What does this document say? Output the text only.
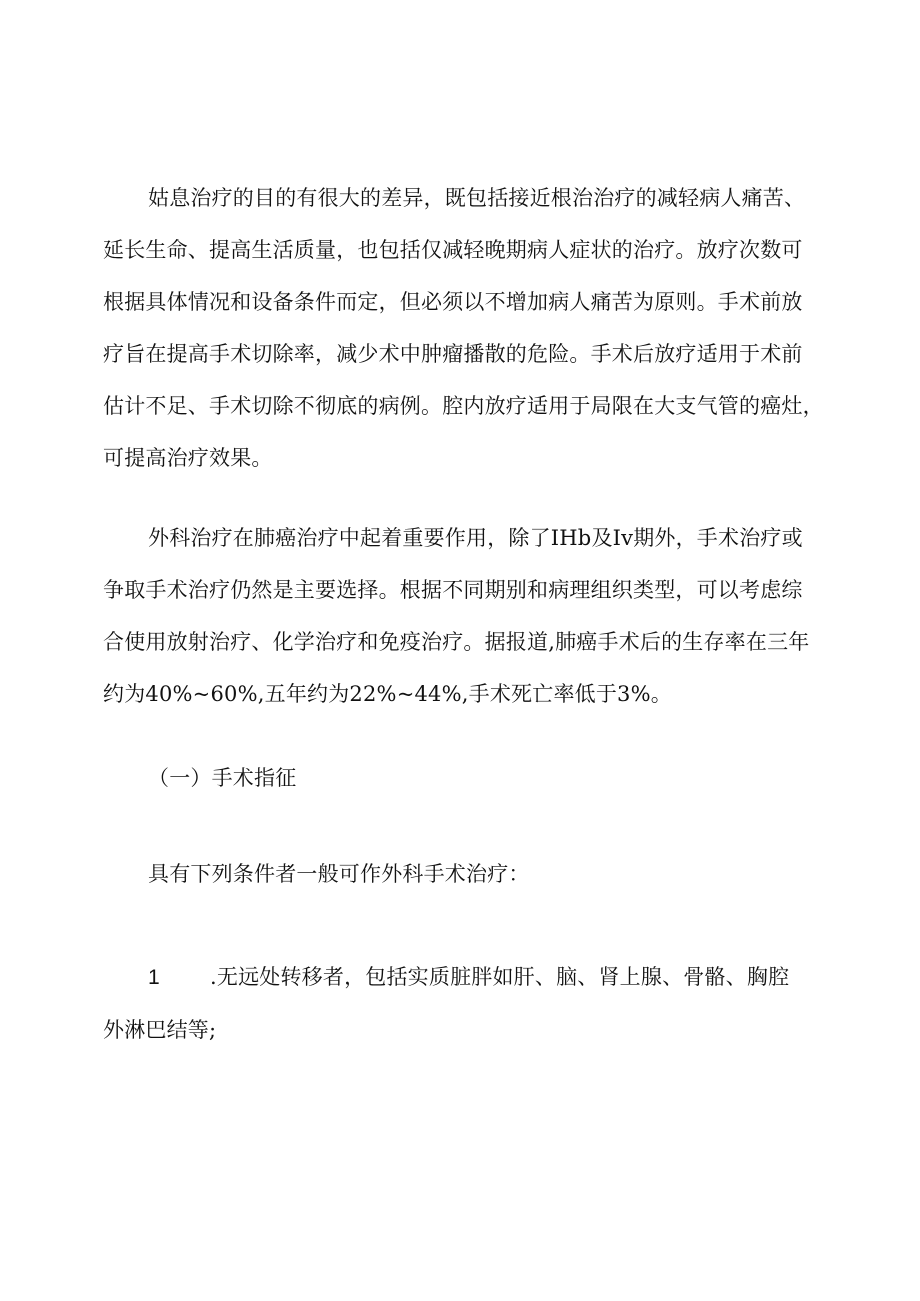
姑息治疗的目的有很大的差异，既包括接近根治治疗的减轻病人痛苦、
延长生命、提高生活质量，也包括仅减轻晚期病人症状的治疗。放疗次数可
根据具体情况和设备条件而定，但必须以不增加病人痛苦为原则。手术前放
疗旨在提高手术切除率，减少术中肿瘤播散的危险。手术后放疗适用于术前
估计不足、手术切除不彻底的病例。腔内放疗适用于局限在大支气管的癌灶，
可提高治疗效果。

外科治疗在肺癌治疗中起着重要作用，除了IHb及Iv期外，手术治疗或
争取手术治疗仍然是主要选择。根据不同期别和病理组织类型，可以考虑综
合使用放射治疗、化学治疗和免疫治疗。据报道,肺癌手术后的生存率在三年
约为40%~60%,五年约为22%~44%,手术死亡率低于3%。

（一）手术指征

具有下列条件者一般可作外科手术治疗：

1 .无远处转移者，包括实质脏胖如肝、脑、肾上腺、骨骼、胸腔
外淋巴结等;
